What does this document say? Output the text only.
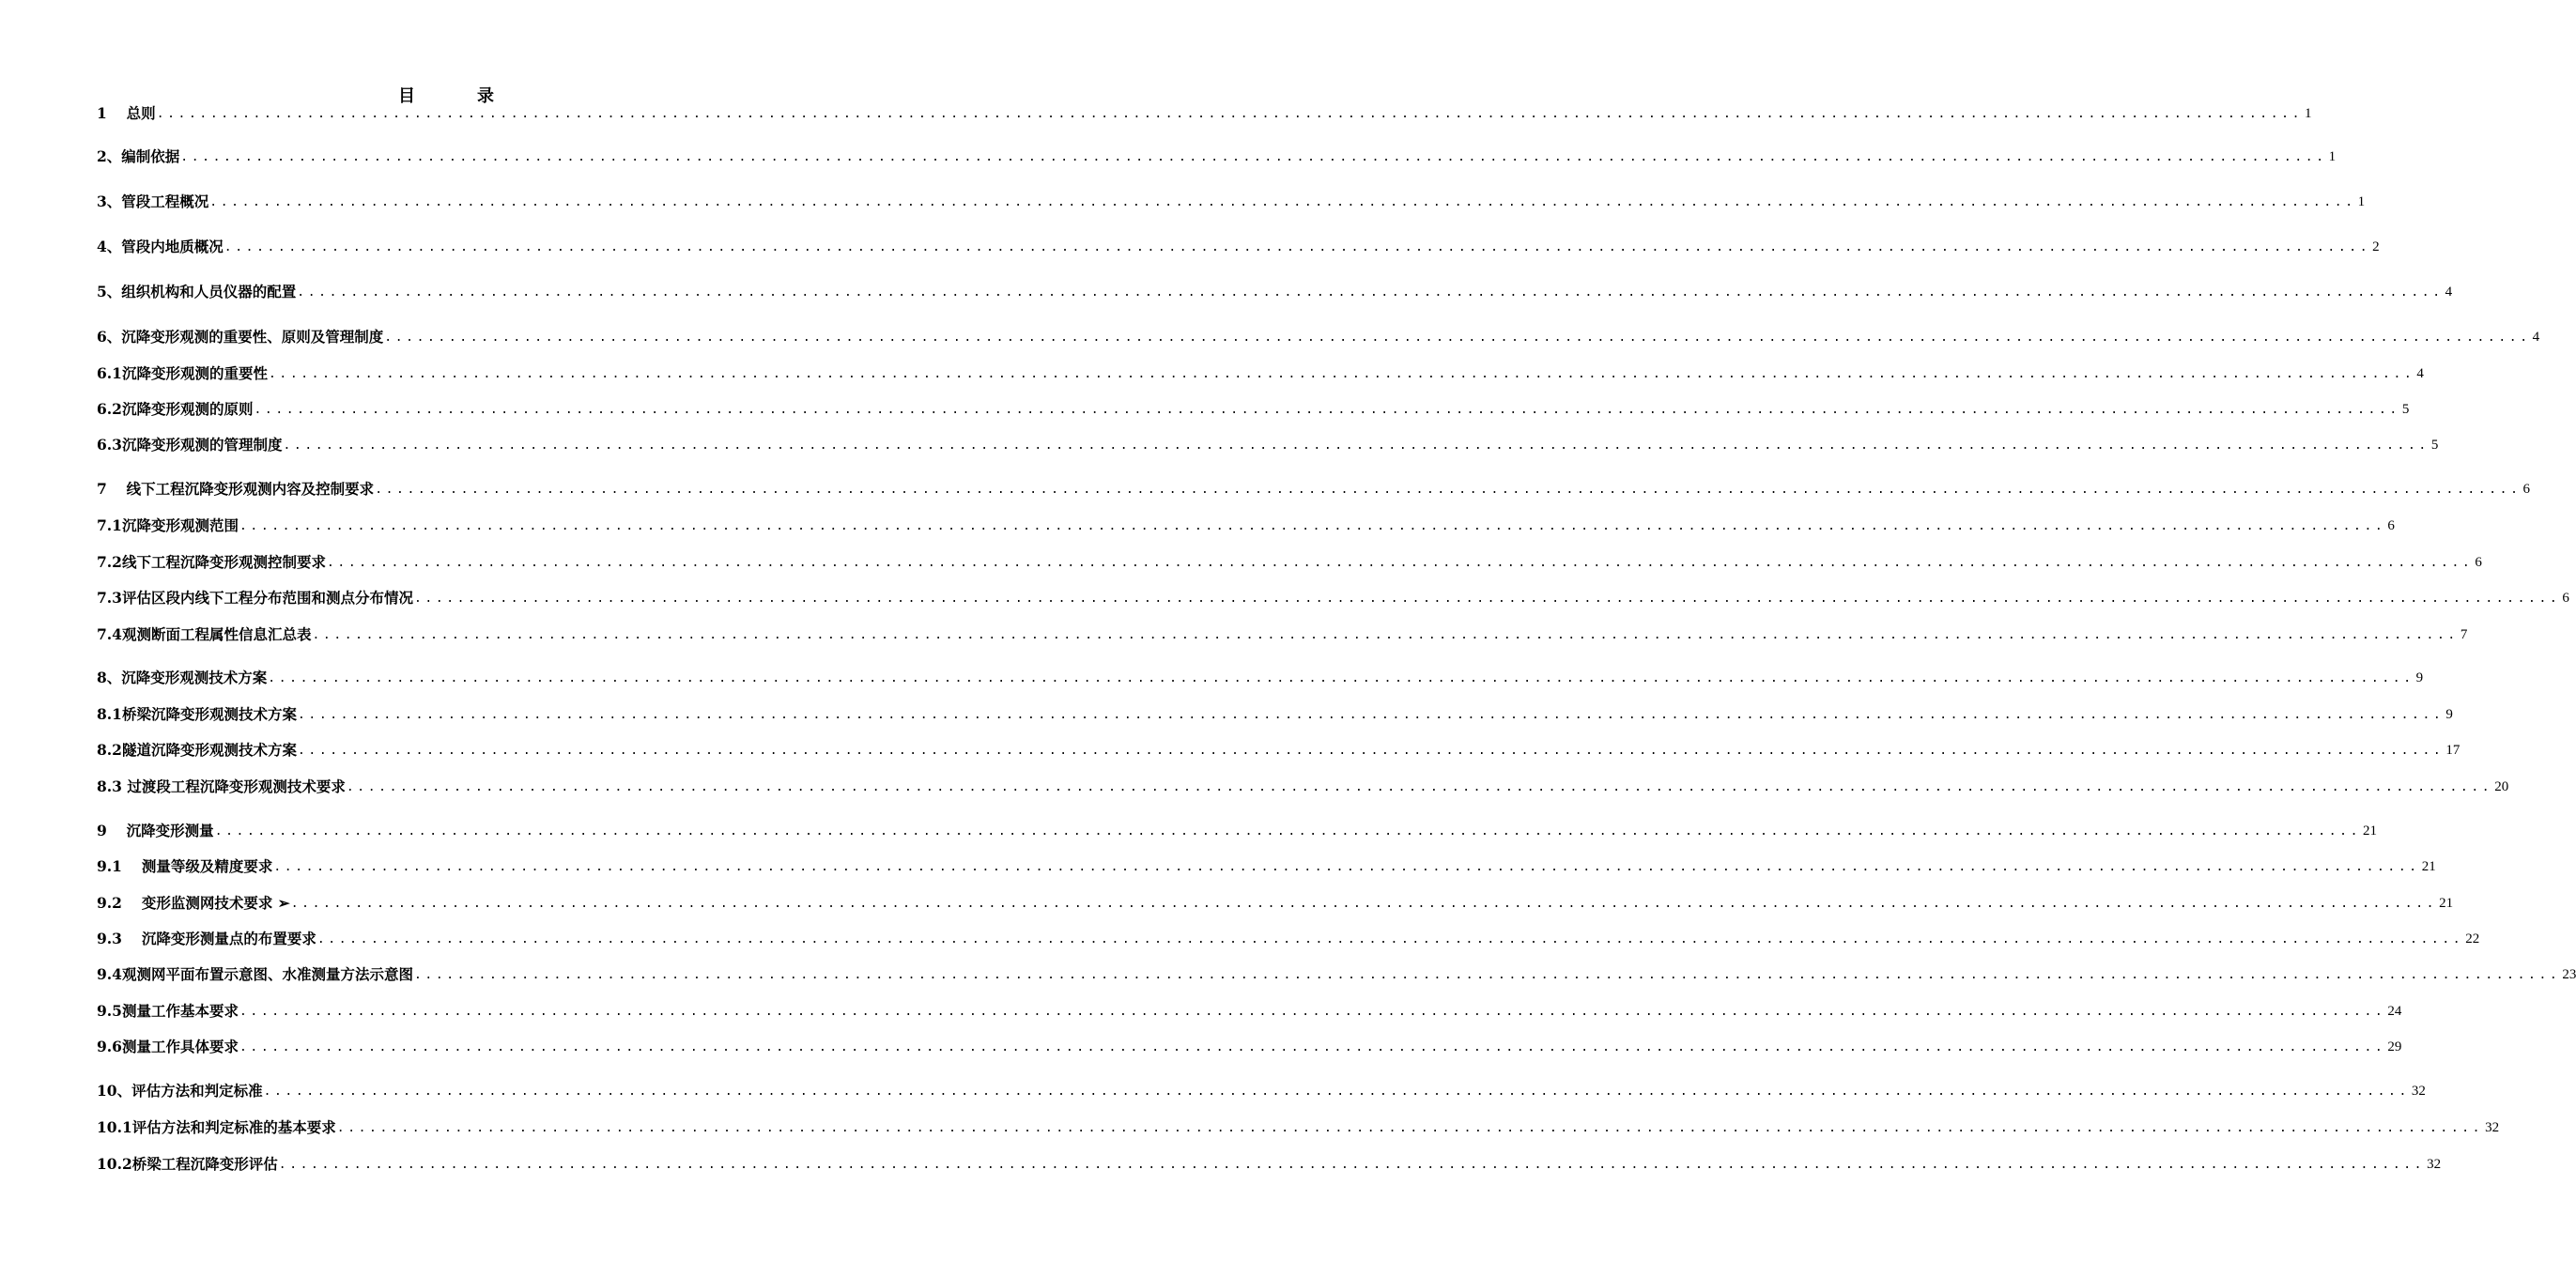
目　录
1　 总则 ........................................................................................................................................................................................................ 1
2、编制依据 ........................................................................................................................................................................................................ 1
3、管段工程概况 ........................................................................................................................................................................................................ 1
4、管段内地质概况 ........................................................................................................................................................................................................ 2
5、组织机构和人员仪器的配置 ........................................................................................................................................................................................................ 4
6、沉降变形观测的重要性、原则及管理制度 ........................................................................................................................................................................................................ 4
6.1沉降变形观测的重要性 ........................................................................................................................................................................................................ 4
6.2沉降变形观测的原则 ........................................................................................................................................................................................................ 5
6.3沉降变形观测的管理制度 ........................................................................................................................................................................................................ 5
7　 线下工程沉降变形观测内容及控制要求 ........................................................................................................................................................................................................ 6
7.1沉降变形观测范围 ........................................................................................................................................................................................................ 6
7.2线下工程沉降变形观测控制要求 ........................................................................................................................................................................................................ 6
7.3评估区段内线下工程分布范围和测点分布情况 ........................................................................................................................................................................................................ 6
7.4观测断面工程属性信息汇总表 ........................................................................................................................................................................................................ 7
8、沉降变形观测技术方案 ........................................................................................................................................................................................................ 9
8.1桥梁沉降变形观测技术方案 ........................................................................................................................................................................................................ 9
8.2隧道沉降变形观测技术方案 ........................................................................................................................................................................................................ 17
8.3 过渡段工程沉降变形观测技术要求 ........................................................................................................................................................................................................ 20
9　 沉降变形测量 ........................................................................................................................................................................................................ 21
9.1　 测量等级及精度要求 ........................................................................................................................................................................................................ 21
9.2　 变形监测网技术要求 ➢ ........................................................................................................................................................................................................ 21
9.3　 沉降变形测量点的布置要求 ........................................................................................................................................................................................................ 22
9.4观测网平面布置示意图、水准测量方法示意图 ........................................................................................................................................................................................................ 23
9.5测量工作基本要求 ........................................................................................................................................................................................................ 24
9.6测量工作具体要求 ........................................................................................................................................................................................................ 29
10、评估方法和判定标准 ........................................................................................................................................................................................................ 32
10.1评估方法和判定标准的基本要求 ........................................................................................................................................................................................................ 32
10.2桥梁工程沉降变形评估 ........................................................................................................................................................................................................ 32
